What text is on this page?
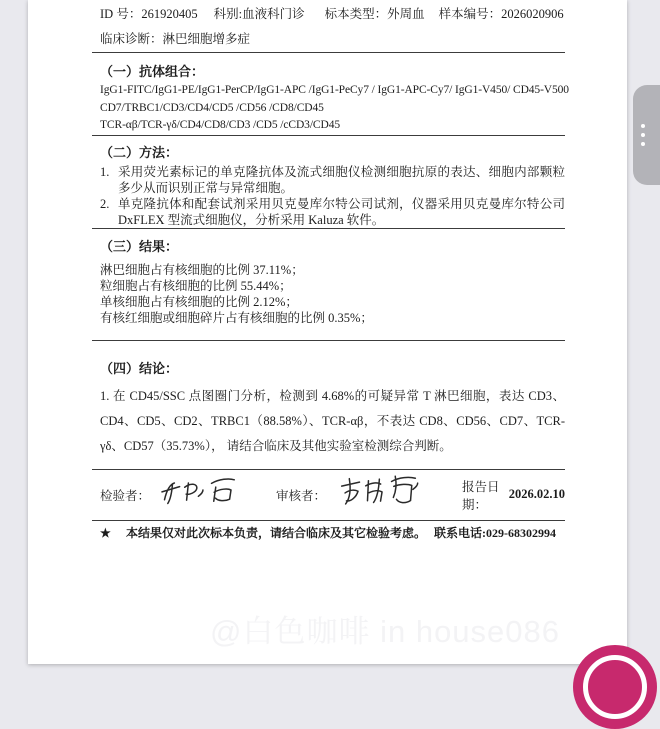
ID 号：261920405 科别:血液科门诊 标本类型：外周血 样本编号：2026020906
临床诊断：淋巴细胞增多症
（一）抗体组合：
IgG1-FITC/IgG1-PE/IgG1-PerCP/IgG1-APC /IgG1-PeCy7 / IgG1-APC-Cy7/ IgG1-V450/ CD45-V500
CD7/TRBC1/CD3/CD4/CD5 /CD56 /CD8/CD45
TCR-αβ/TCR-γδ/CD4/CD8/CD3 /CD5 /cCD3/CD45
（二）方法：
1. 采用荧光素标记的单克隆抗体及流式细胞仪检测细胞抗原的表达、细胞内部颗粒多少从而识别正常与异常细胞。
2. 单克隆抗体和配套试剂采用贝克曼库尔特公司试剂，仪器采用贝克曼库尔特公司 DxFLEX 型流式细胞仪，分析采用 Kaluza 软件。
（三）结果：
淋巴细胞占有核细胞的比例 37.11%；
粒细胞占有核细胞的比例 55.44%；
单核细胞占有核细胞的比例 2.12%；
有核红细胞或细胞碎片占有核细胞的比例 0.35%；
（四）结论：
1. 在 CD45/SSC 点图圈门分析，检测到 4.68%的可疑异常 T 淋巴细胞，表达 CD3、CD4、CD5、CD2、TRBC1（88.58%）、TCR-αβ，不表达 CD8、CD56、CD7、TCR-γδ、CD57（35.73%）， 请结合临床及其他实验室检测综合判断。
检验者：	审核者：
报告日期：
2026.02.10
★	本结果仅对此次标本负责，请结合临床及其它检验考虑。 联系电话: 029-68302994
@白色咖啡 in house086
